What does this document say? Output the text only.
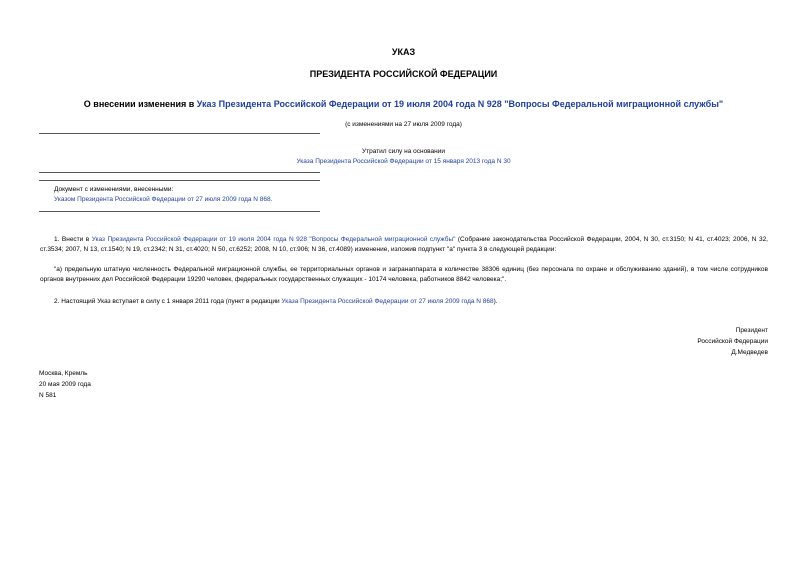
УКАЗ
ПРЕЗИДЕНТА РОССИЙСКОЙ ФЕДЕРАЦИИ
О внесении изменения в Указ Президента Российской Федерации от 19 июля 2004 года N 928 "Вопросы Федеральной миграционной службы"
(с изменениями на 27 июля 2009 года)
Утратил силу на основании
Указа Президента Российской Федерации от 15 января 2013 года N 30
Документ с изменениями, внесенными:
Указом Президента Российской Федерации от 27 июля 2009 года N 868.
1. Внести в Указ Президента Российской Федерации от 19 июля 2004 года N 928 "Вопросы Федеральной миграционной службы" (Собрание законодательства Российской Федерации, 2004, N 30, ст.3150; N 41, ст.4023; 2006, N 32, ст.3534; 2007, N 13, ст.1540; N 19, ст.2342; N 31, ст.4020; N 50, ст.6252; 2008, N 10, ст.906; N 36, ст.4089) изменение, изложив подпункт "а" пункта 3 в следующей редакции:
"а) предельную штатную численность Федеральной миграционной службы, ее территориальных органов и загранаппарата в количестве 38306 единиц (без персонала по охране и обслуживанию зданий), в том числе сотрудников органов внутренних дел Российской Федерации 19290 человек, федеральных государственных служащих - 10174 человека, работников 8842 человека;".
2. Настоящий Указ вступает в силу с 1 января 2011 года (пункт в редакции Указа Президента Российской Федерации от 27 июля 2009 года N 868).
Президент
Российской Федерации
Д.Медведев
Москва, Кремль
20 мая 2009 года
N 581
